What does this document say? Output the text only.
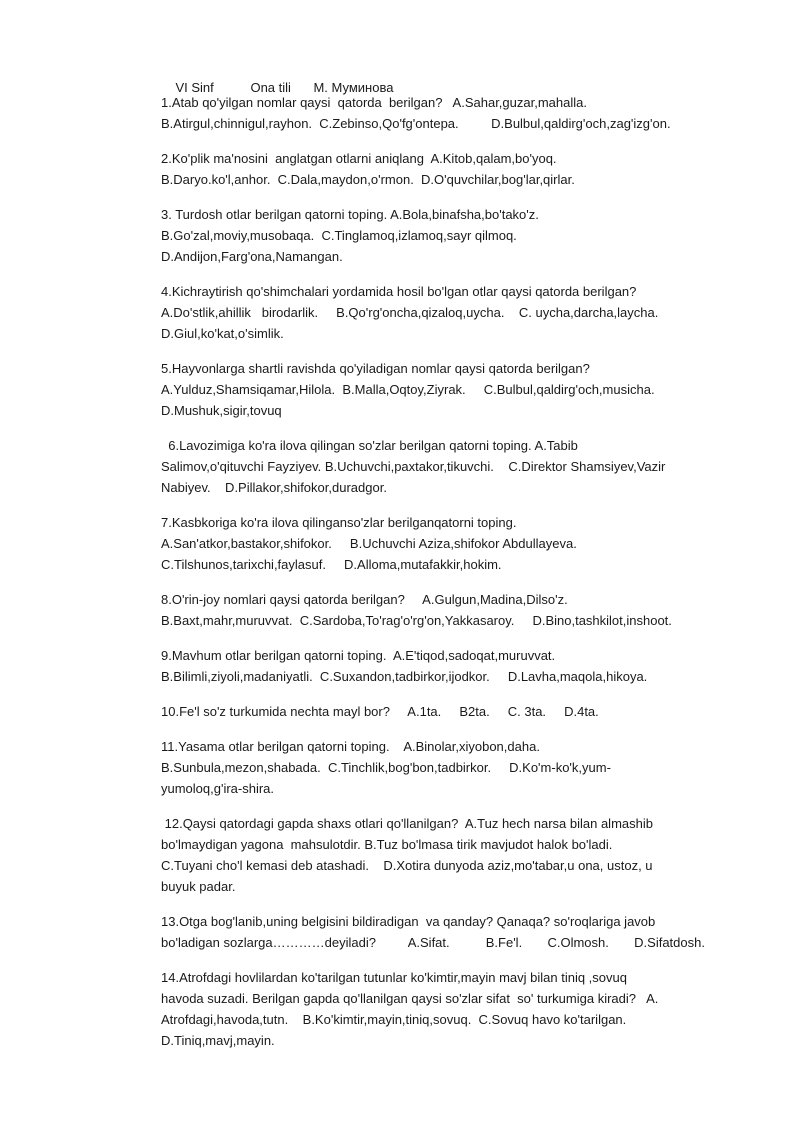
VI Sinf	Ona tili M. Муминова

1.Atab qo'yilgan nomlar qaysi  qatorda  berilgan?   A.Sahar,guzar,mahalla.
B.Atirgul,chinnigul,rayhon.  C.Zebinso,Qo'fg'ontepa.         D.Bulbul,qaldirg'och,zag'izg'on.

2.Ko'plik ma'nosini  anglatgan otlarni aniqlang  A.Kitob,qalam,bo'yoq.
B.Daryo.ko'l,anhor.  C.Dala,maydon,o'rmon.  D.O'quvchilar,bog'lar,qirlar.

3. Turdosh otlar berilgan qatorni toping. A.Bola,binafsha,bo'tako'z.
B.Go'zal,moviy,musobaqa.  C.Tinglamoq,izlamoq,sayr qilmoq.
D.Andijon,Farg'ona,Namangan.

4.Kichraytirish qo'shimchalari yordamida hosil bo'lgan otlar qaysi qatorda berilgan?
A.Do'stlik,ahillik   birodarlik.     B.Qo'rg'oncha,qizaloq,uycha.    C. uycha,darcha,laycha.
D.Giul,ko'kat,o'simlik.

5.Hayvonlarga shartli ravishda qo'yiladigan nomlar qaysi qatorda berilgan?
A.Yulduz,Shamsiqamar,Hilola.  B.Malla,Oqtoy,Ziyrak.     C.Bulbul,qaldirg'och,musicha.
D.Mushuk,sigir,tovuq

6.Lavozimiga ko'ra ilova qilingan so'zlar berilgan qatorni toping. A.Tabib
Salimov,o'qituvchi Fayziyev. B.Uchuvchi,paxtakor,tikuvchi.    C.Direktor Shamsiyev,Vazir
Nabiyev.    D.Pillakor,shifokor,duradgor.

7.Kasbkoriga ko'ra ilova qilinganso'zlar berilganqatorni toping.
A.San'atkor,bastakor,shifokor.     B.Uchuvchi Aziza,shifokor Abdullayeva.
C.Tilshunos,tarixchi,faylasuf.     D.Alloma,mutafakkir,hokim.

8.O'rin-joy nomlari qaysi qatorda berilgan?     A.Gulgun,Madina,Dilso'z.
B.Baxt,mahr,muruvvat.  C.Sardoba,To'rag'o'rg'on,Yakkasaroy.     D.Bino,tashkilot,inshoot.

9.Mavhum otlar berilgan qatorni toping.  A.E'tiqod,sadoqat,muruvvat.
B.Bilimli,ziyoli,madaniyatli.  C.Suxandon,tadbirkor,ijodkor.     D.Lavha,maqola,hikoya.

10.Fe'l so'z turkumida nechta mayl bor?     A.1ta.     B2ta.     C. 3ta.     D.4ta.

11.Yasama otlar berilgan qatorni toping.    A.Binolar,xiyobon,daha.
B.Sunbula,mezon,shabada.  C.Tinchlik,bog'bon,tadbirkor.     D.Ko'm-ko'k,yum-
yumoloq,g'ira-shira.

12.Qaysi qatordagi gapda shaxs otlari qo'llanilgan?  A.Tuz hech narsa bilan almashib
bo'lmaydigan yagona  mahsulotdir. B.Tuz bo'lmasa tirik mavjudot halok bo'ladi.
C.Tuyani cho'l kemasi deb atashadi.    D.Xotira dunyoda aziz,mo'tabar,u ona, ustoz, u
buyuk padar.

13.Otga bog'lanib,uning belgisini bildiradigan  va qanday? Qanaqa? so'roqlariga javob
bo'ladigan sozlarga…………deyiladi?         A.Sifat.          B.Fe'l.       C.Olmosh.       D.Sifatdosh.

14.Atrofdagi hovlilardan ko'tarilgan tutunlar ko'kimtir,mayin mavj bilan tiniq ,sovuq
havoda suzadi. Berilgan gapda qo'llanilgan qaysi so'zlar sifat  so' turkumiga kiradi?   A.
Atrofdagi,havoda,tutn.    B.Ko'kimtir,mayin,tiniq,sovuq.  C.Sovuq havo ko'tarilgan.
D.Tiniq,mavj,mayin.
